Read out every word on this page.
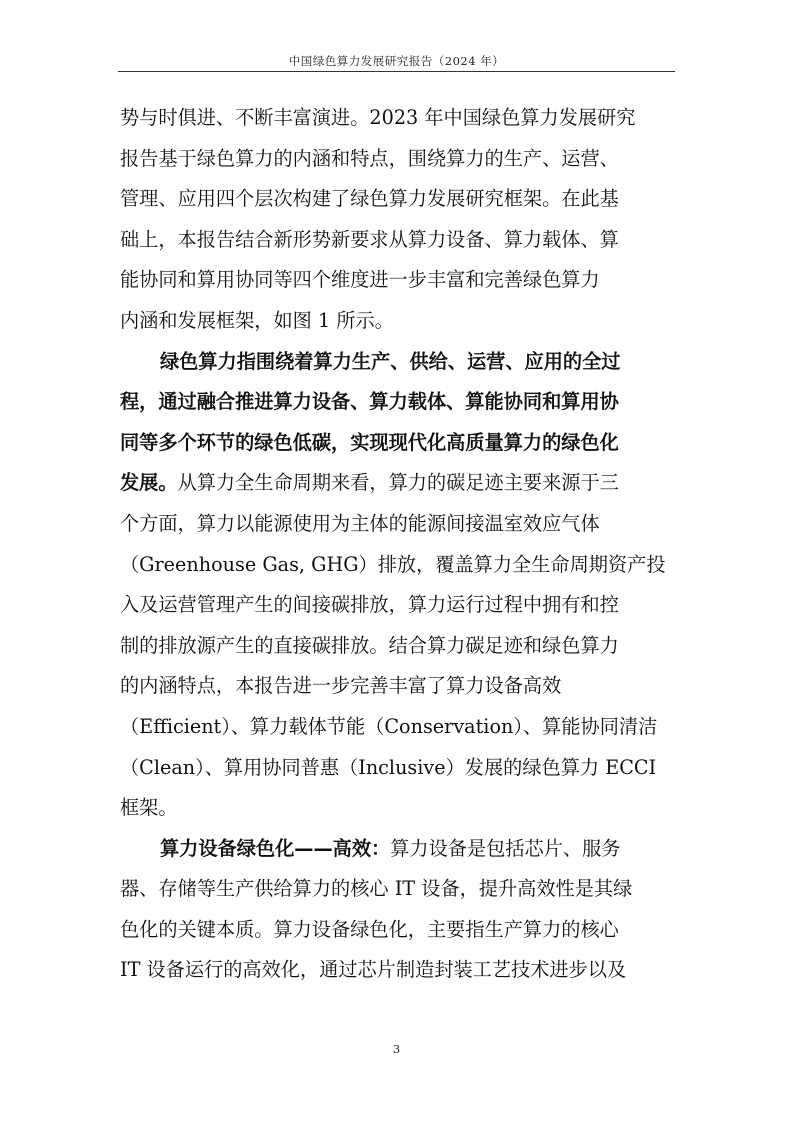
中国绿色算力发展研究报告（2024 年）
势与时俱进、不断丰富演进。2023 年中国绿色算力发展研究
报告基于绿色算力的内涵和特点，围绕算力的生产、运营、
管理、应用四个层次构建了绿色算力发展研究框架。在此基
础上，本报告结合新形势新要求从算力设备、算力载体、算
能协同和算用协同等四个维度进一步丰富和完善绿色算力
内涵和发展框架，如图 1 所示。
绿色算力指围绕着算力生产、供给、运营、应用的全过
程，通过融合推进算力设备、算力载体、算能协同和算用协
同等多个环节的绿色低碳，实现现代化高质量算力的绿色化
发展。从算力全生命周期来看，算力的碳足迹主要来源于三
个方面，算力以能源使用为主体的能源间接温室效应气体
（Greenhouse Gas, GHG）排放，覆盖算力全生命周期资产投
入及运营管理产生的间接碳排放，算力运行过程中拥有和控
制的排放源产生的直接碳排放。结合算力碳足迹和绿色算力
的内涵特点，本报告进一步完善丰富了算力设备高效
（Efficient）、算力载体节能（Conservation）、算能协同清洁
（Clean）、算用协同普惠（Inclusive）发展的绿色算力 ECCI
框架。
算力设备绿色化——高效：算力设备是包括芯片、服务
器、存储等生产供给算力的核心 IT 设备，提升高效性是其绿
色化的关键本质。算力设备绿色化，主要指生产算力的核心
IT 设备运行的高效化，通过芯片制造封装工艺技术进步以及
3
